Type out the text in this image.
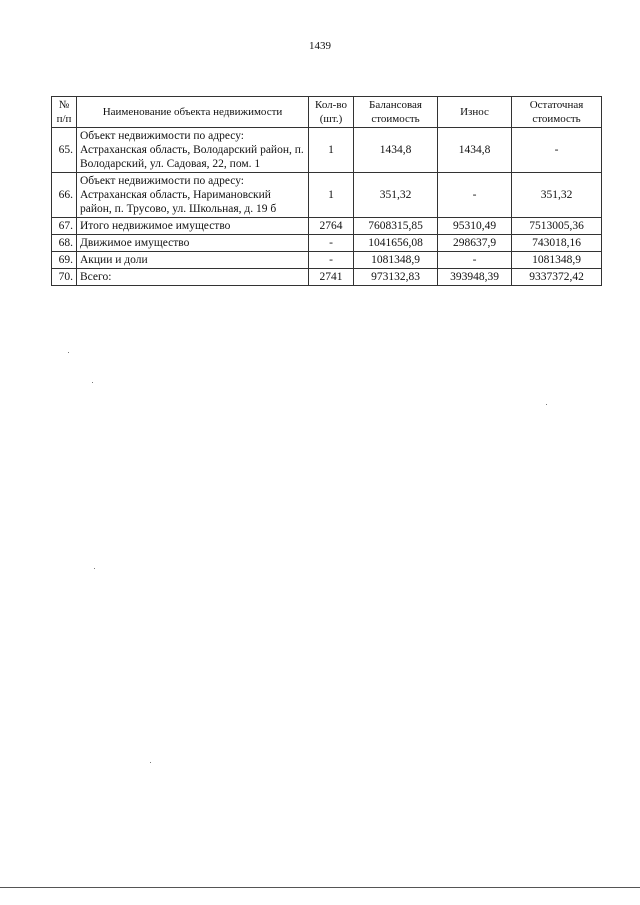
1439
№ п/п	Наименование объекта недвижимости	Кол-во (шт.)	Балансовая стоимость	Износ	Остаточная стоимость
65.	Объект недвижимости по адресу: Астраханская область, Володарский район, п. Володарский, ул. Садовая, 22, пом. 1	1	1434,8	1434,8	-
66.	Объект недвижимости по адресу: Астраханская область, Наримановский район, п. Трусово, ул. Школьная, д. 19 б	1	351,32	-	351,32
67.	Итого недвижимое имущество	2764	7608315,85	95310,49	7513005,36
68.	Движимое имущество	-	1041656,08	298637,9	743018,16
69.	Акции и доли	-	1081348,9	-	1081348,9
70.	Всего:	2741	973132,83	393948,39	9337372,42
